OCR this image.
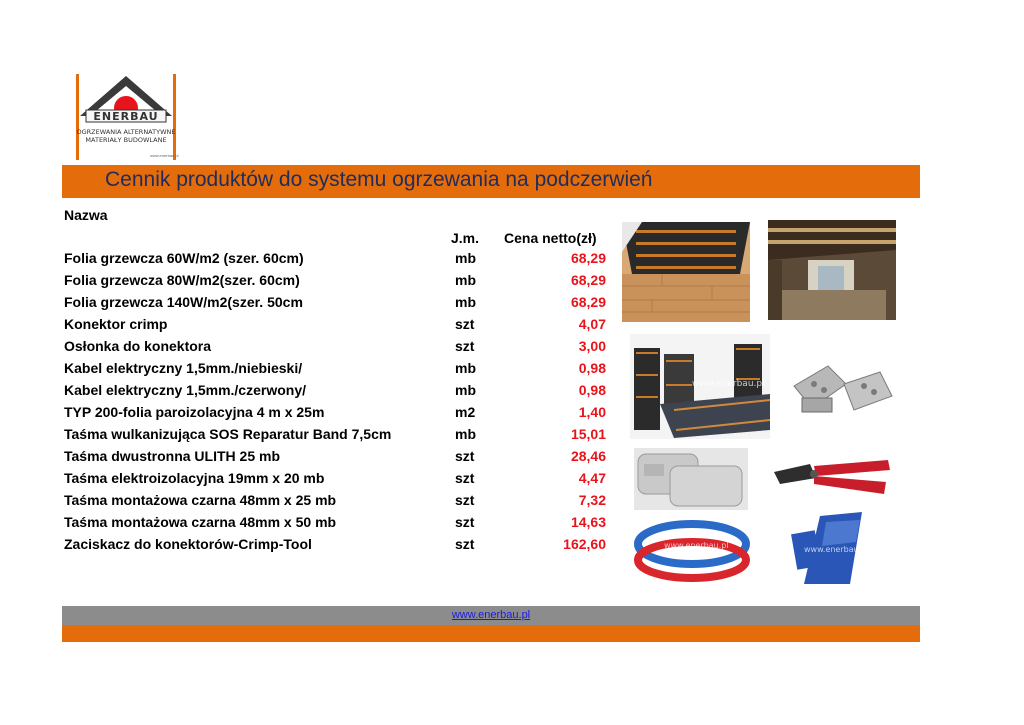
ENERBAU
OGRZEWANIA ALTERNATYWNE
MATERIAŁY BUDOWLANE
www.enerbau.pl
Cennik produktów do systemu ogrzewania na podczerwień
Nazwa
J.m. Cena netto(zł)
Folia grzewcza 60W/m2 (szer. 60cm)	mb	68,29
Folia grzewcza 80W/m2(szer. 60cm)	mb	68,29
Folia grzewcza 140W/m2(szer. 50cm	mb	68,29
Konektor crimp	szt	4,07
Osłonka do konektora	szt	3,00
Kabel elektryczny 1,5mm./niebieski/	mb	0,98
Kabel elektryczny 1,5mm./czerwony/	mb	0,98
TYP 200-folia paroizolacyjna 4 m x 25m	m2	1,40
Taśma wulkanizująca SOS Reparatur Band 7,5cm	mb	15,01
Taśma dwustronna ULITH 25 mb	szt	28,46
Taśma elektroizolacyjna 19mm x 20 mb	szt	4,47
Taśma montażowa czarna 48mm x 25 mb	szt	7,32
Taśma montażowa czarna 48mm x 50 mb	szt	14,63
Zaciskacz do konektorów-Crimp-Tool	szt	162,60
www.enerbau.pl
www.enerbau.pl	www.enerbau.pl
www.enerbau.pl
